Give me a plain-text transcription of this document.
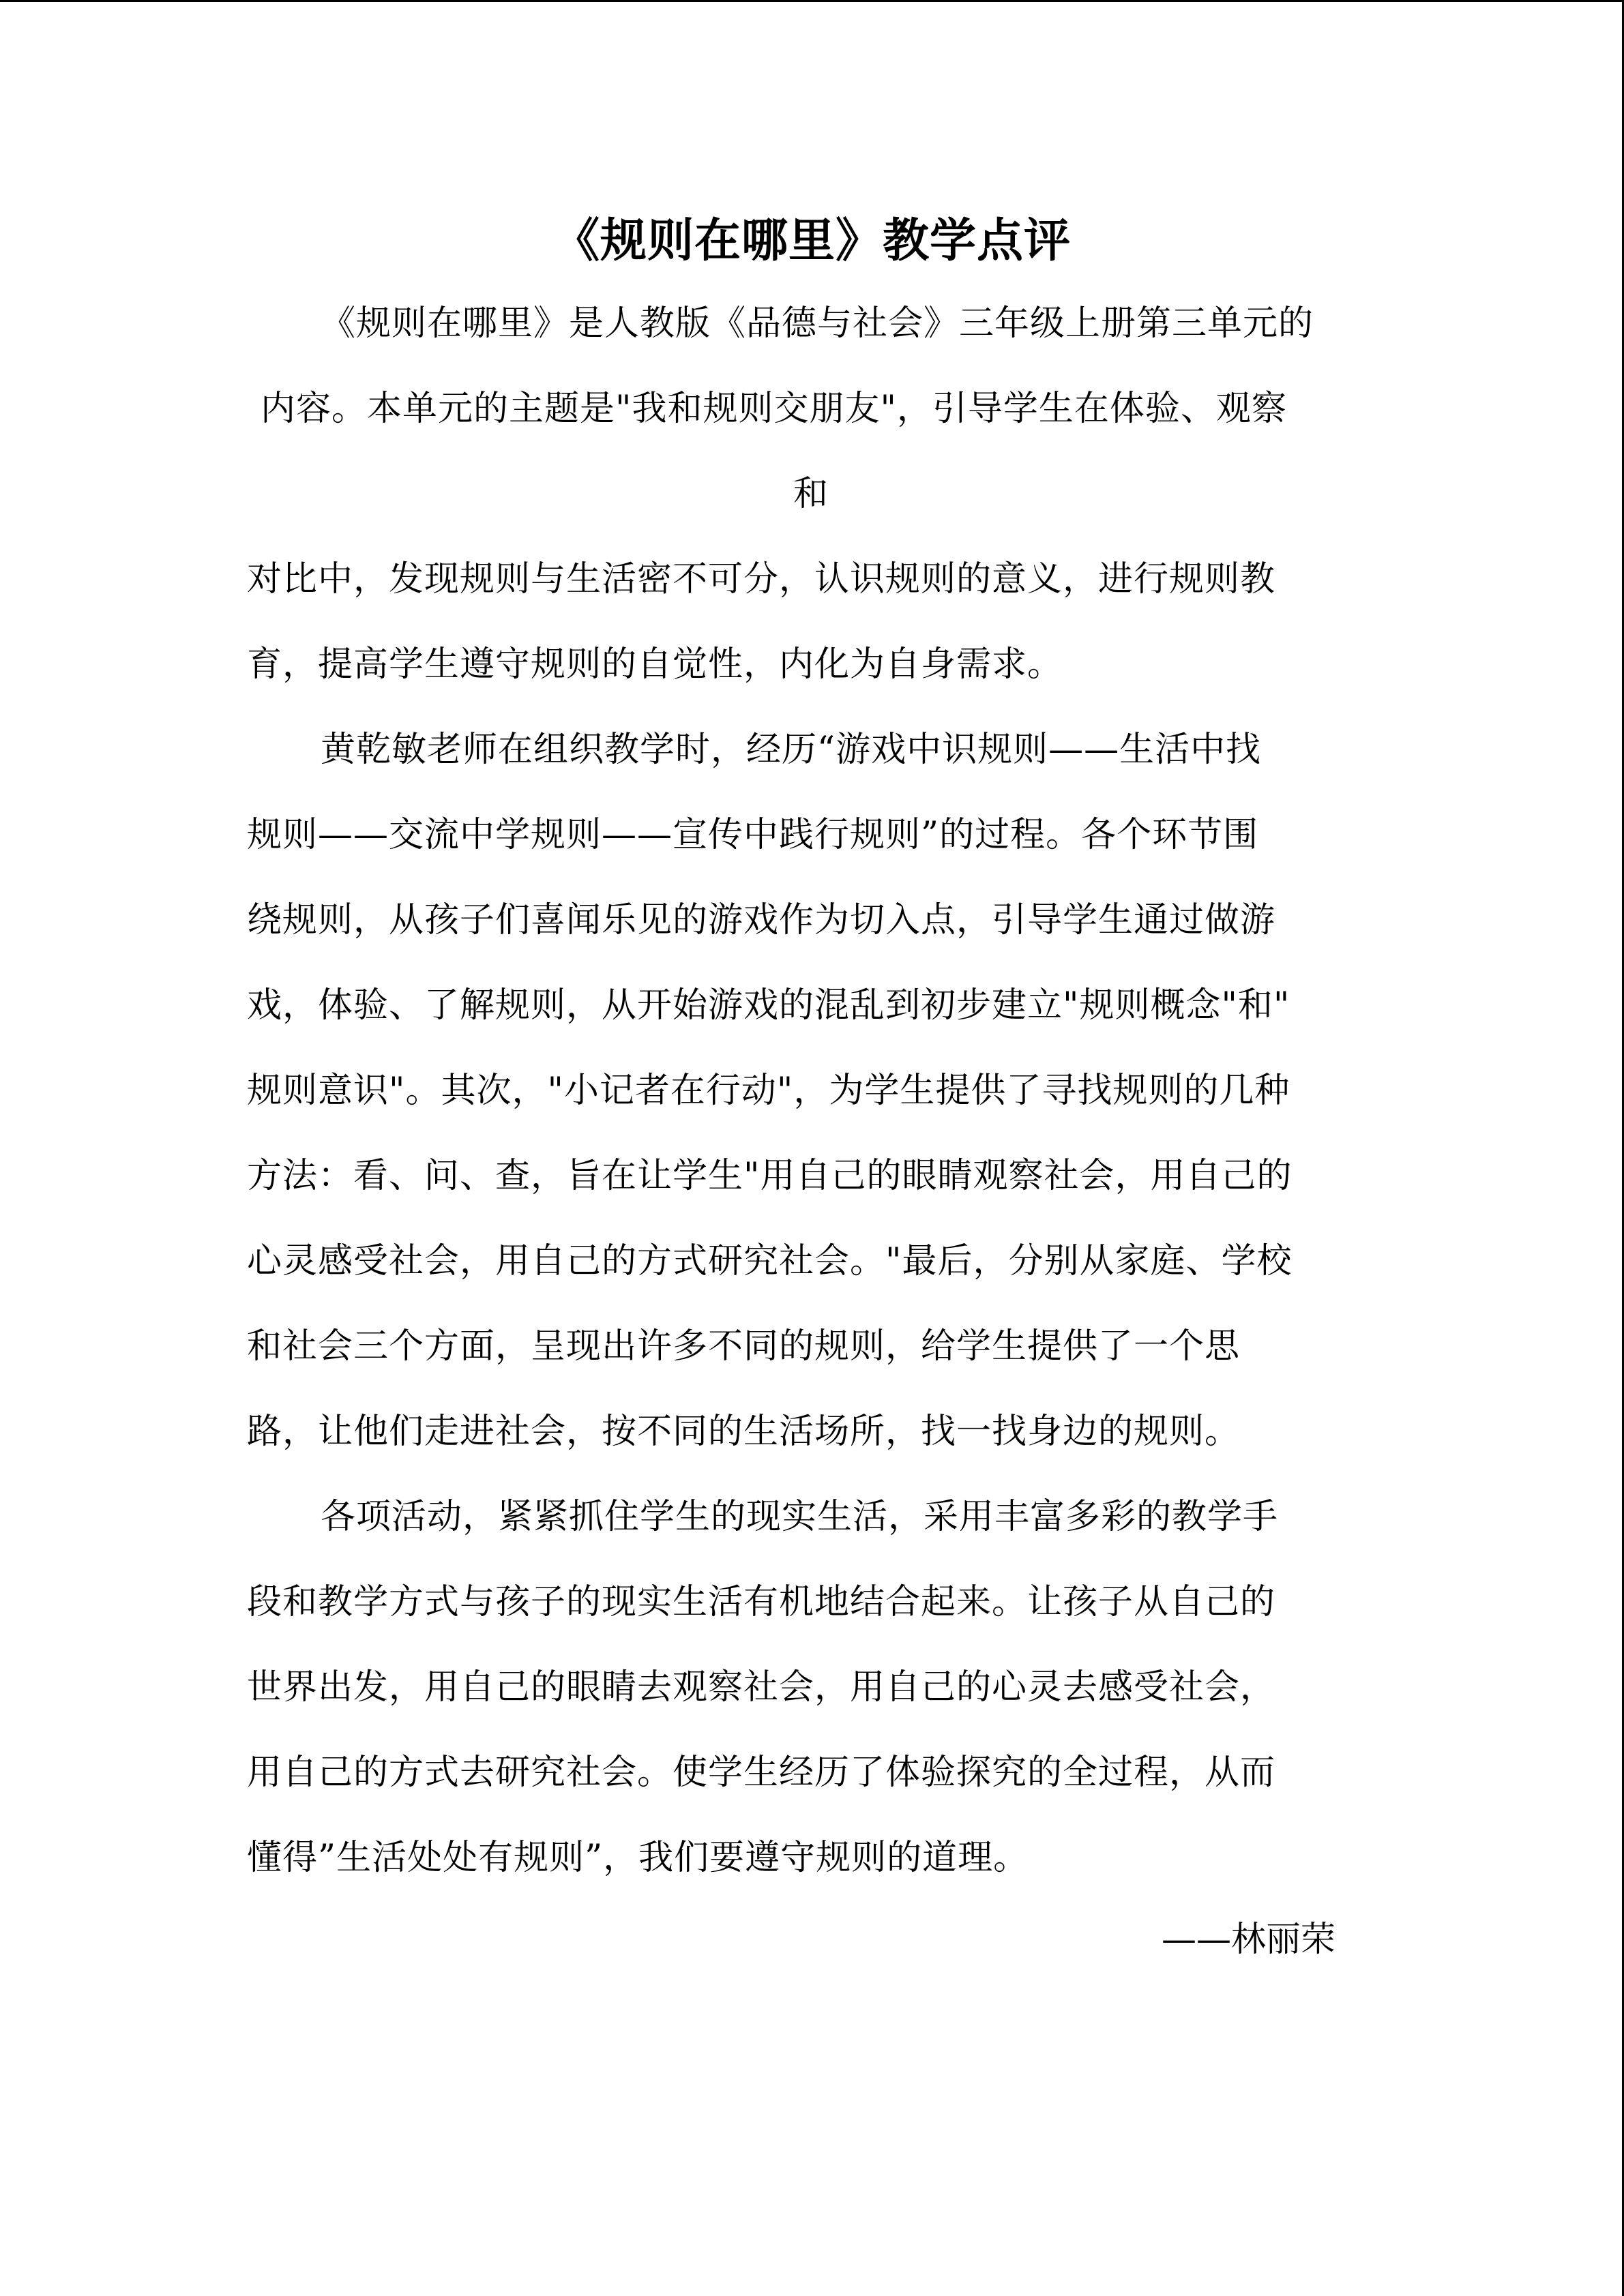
《规则在哪里》教学点评
《规则在哪里》是人教版《品德与社会》三年级上册第三单元的
内容。本单元的主题是"我和规则交朋友"，引导学生在体验、观察
和
对比中，发现规则与生活密不可分，认识规则的意义，进行规则教
育，提高学生遵守规则的自觉性，内化为自身需求。
黄乾敏老师在组织教学时，经历“游戏中识规则——生活中找
规则——交流中学规则——宣传中践行规则”的过程。各个环节围
绕规则，从孩子们喜闻乐见的游戏作为切入点，引导学生通过做游
戏，体验、了解规则，从开始游戏的混乱到初步建立"规则概念"和"
规则意识"。其次，"小记者在行动"，为学生提供了寻找规则的几种
方法：看、问、查，旨在让学生"用自己的眼睛观察社会，用自己的
心灵感受社会，用自己的方式研究社会。"最后，分别从家庭、学校
和社会三个方面，呈现出许多不同的规则，给学生提供了一个思
路，让他们走进社会，按不同的生活场所，找一找身边的规则。
各项活动，紧紧抓住学生的现实生活，采用丰富多彩的教学手
段和教学方式与孩子的现实生活有机地结合起来。让孩子从自己的
世界出发，用自己的眼睛去观察社会，用自己的心灵去感受社会，
用自己的方式去研究社会。使学生经历了体验探究的全过程，从而
懂得”生活处处有规则”，我们要遵守规则的道理。
——林丽荣
